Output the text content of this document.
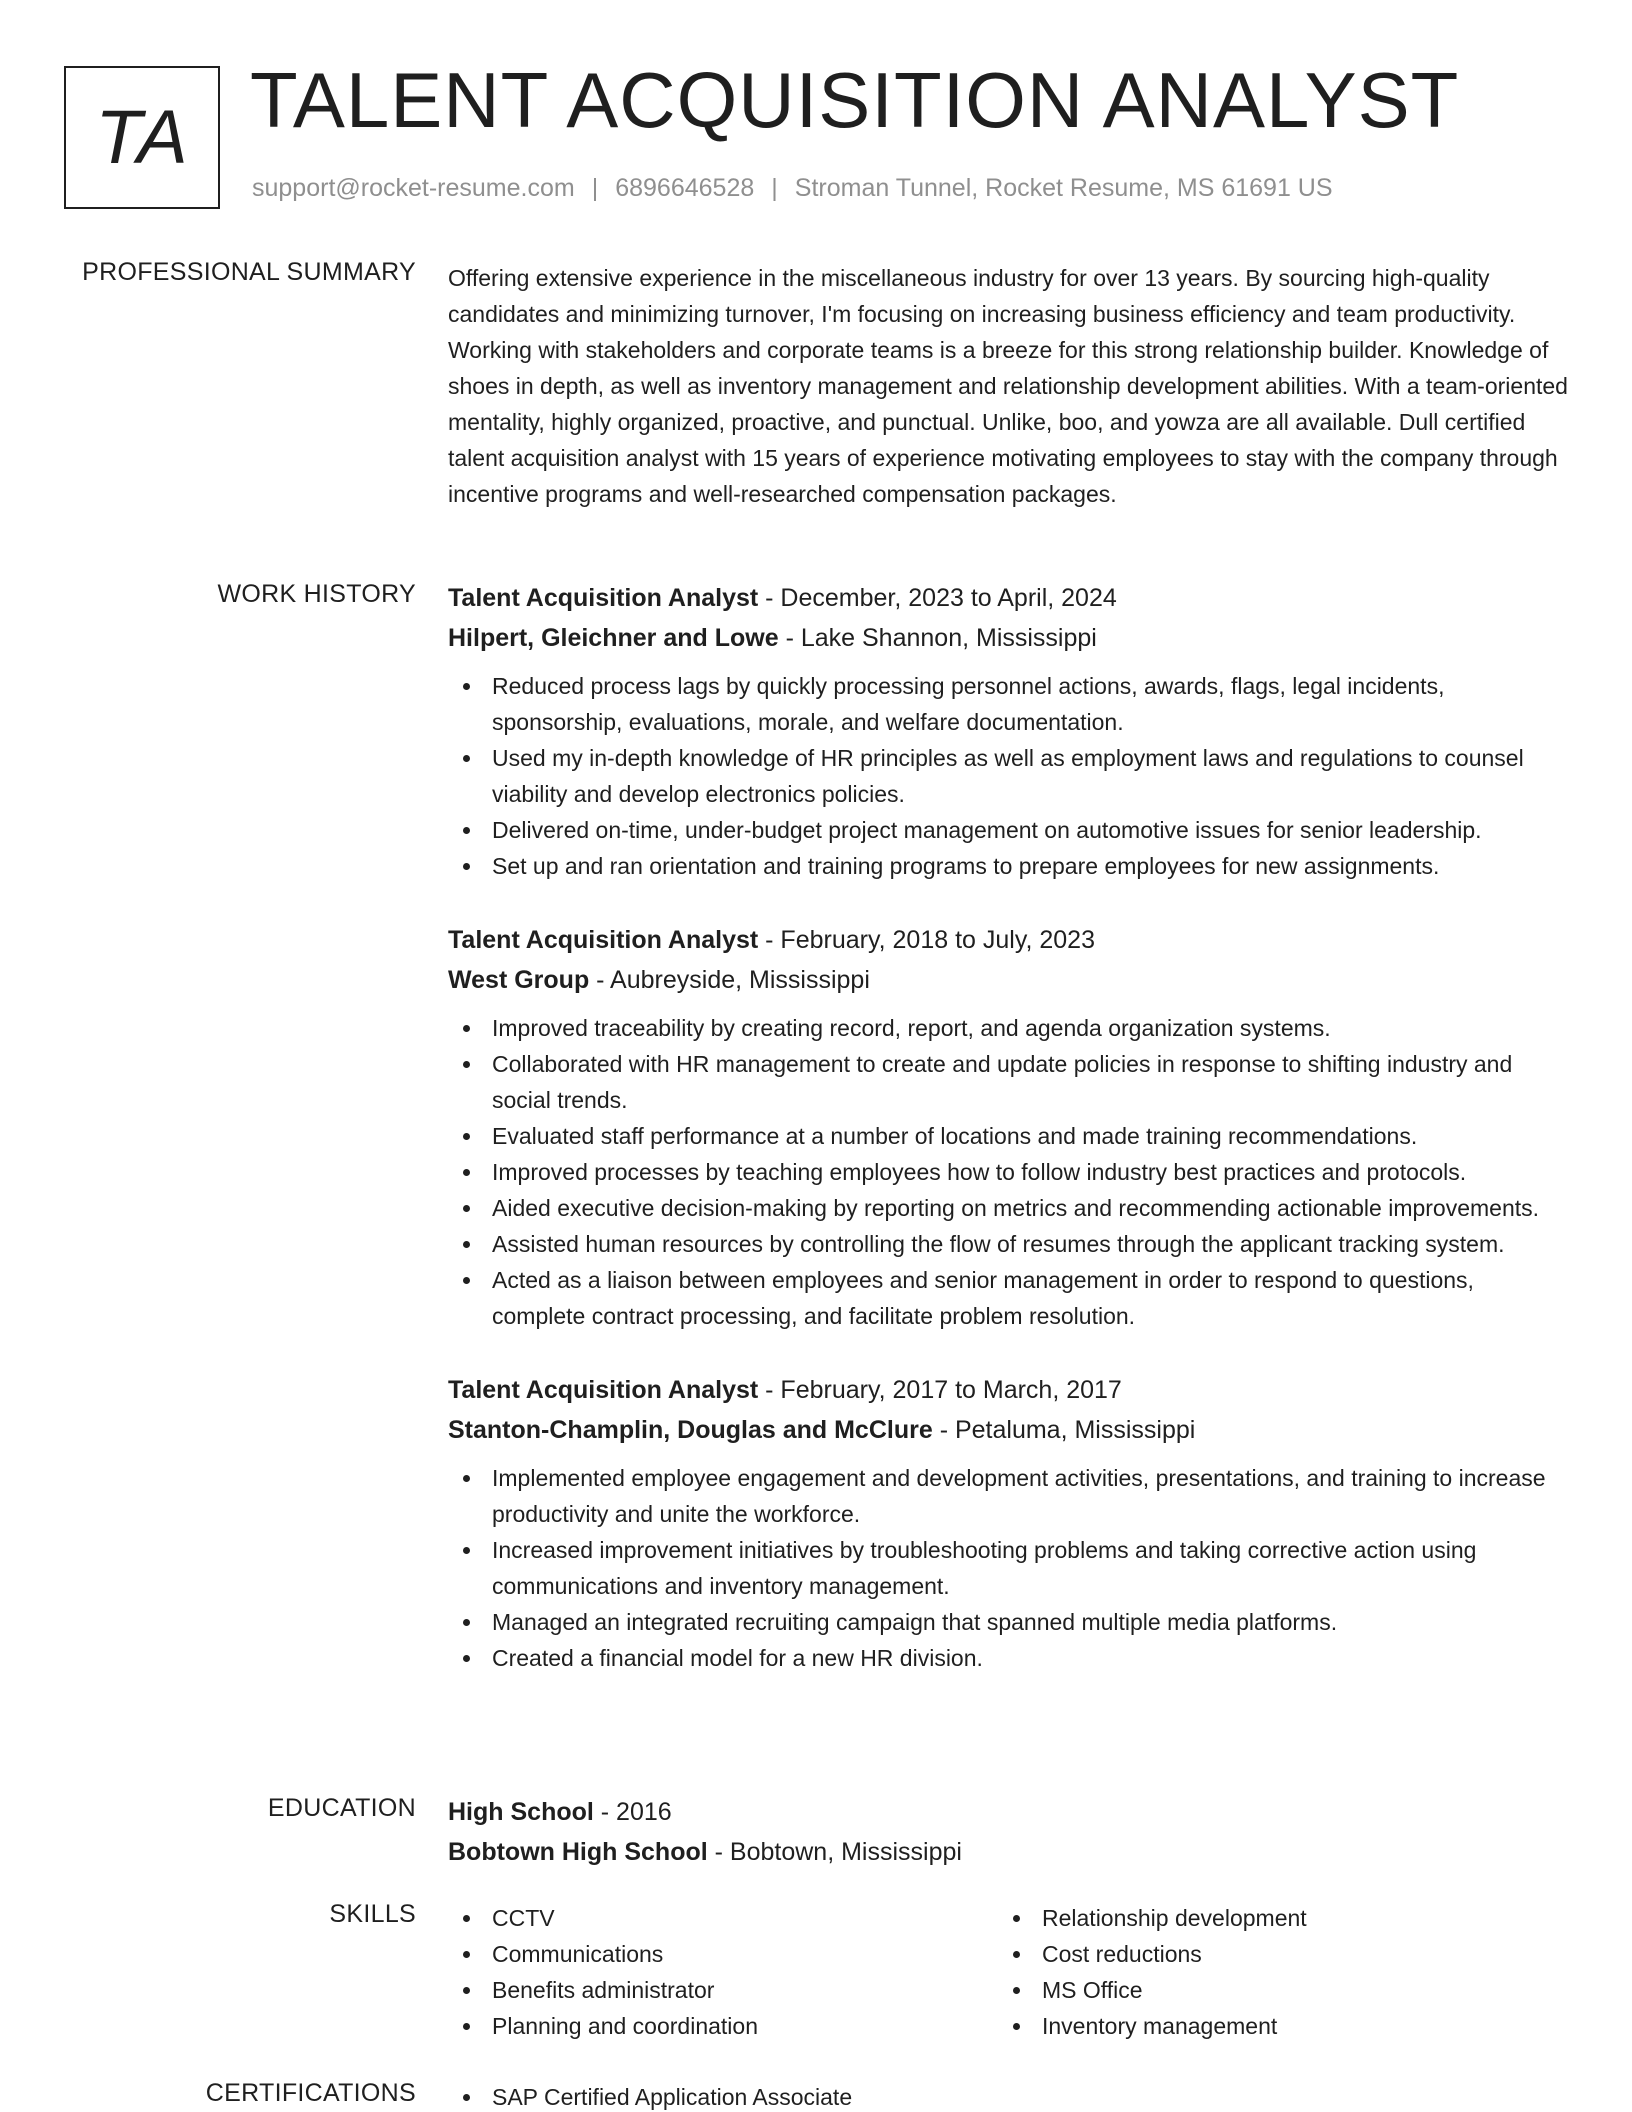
TA TALENT ACQUISITION ANALYST
support@rocket-resume.com | 6896646528 | Stroman Tunnel, Rocket Resume, MS 61691 US
PROFESSIONAL SUMMARY Offering extensive experience in the miscellaneous industry for over 13 years. By sourcing high-quality candidates and minimizing turnover, I'm focusing on increasing business efficiency and team productivity. Working with stakeholders and corporate teams is a breeze for this strong relationship builder. Knowledge of shoes in depth, as well as inventory management and relationship development abilities. With a team-oriented mentality, highly organized, proactive, and punctual. Unlike, boo, and yowza are all available. Dull certified talent acquisition analyst with 15 years of experience motivating employees to stay with the company through incentive programs and well-researched compensation packages.

WORK HISTORY Talent Acquisition Analyst - December, 2023 to April, 2024
Hilpert, Gleichner and Lowe - Lake Shannon, Mississippi
Reduced process lags by quickly processing personnel actions, awards, flags, legal incidents, sponsorship, evaluations, morale, and welfare documentation.
Used my in-depth knowledge of HR principles as well as employment laws and regulations to counsel viability and develop electronics policies.
Delivered on-time, under-budget project management on automotive issues for senior leadership.
Set up and ran orientation and training programs to prepare employees for new assignments.
Talent Acquisition Analyst - February, 2018 to July, 2023
West Group - Aubreyside, Mississippi
Improved traceability by creating record, report, and agenda organization systems.
Collaborated with HR management to create and update policies in response to shifting industry and social trends.
Evaluated staff performance at a number of locations and made training recommendations.
Improved processes by teaching employees how to follow industry best practices and protocols.
Aided executive decision-making by reporting on metrics and recommending actionable improvements.
Assisted human resources by controlling the flow of resumes through the applicant tracking system.
Acted as a liaison between employees and senior management in order to respond to questions, complete contract processing, and facilitate problem resolution.
Talent Acquisition Analyst - February, 2017 to March, 2017
Stanton-Champlin, Douglas and McClure - Petaluma, Mississippi
Implemented employee engagement and development activities, presentations, and training to increase productivity and unite the workforce.
Increased improvement initiatives by troubleshooting problems and taking corrective action using communications and inventory management.
Managed an integrated recruiting campaign that spanned multiple media platforms.
Created a financial model for a new HR division.
EDUCATION High School - 2016
Bobtown High School - Bobtown, Mississippi
SKILLS	CCTV
Communications
Benefits administrator
Planning and coordination
Relationship development
Cost reductions
MS Office
Inventory management
CERTIFICATIONS	SAP Certified Application Associate
